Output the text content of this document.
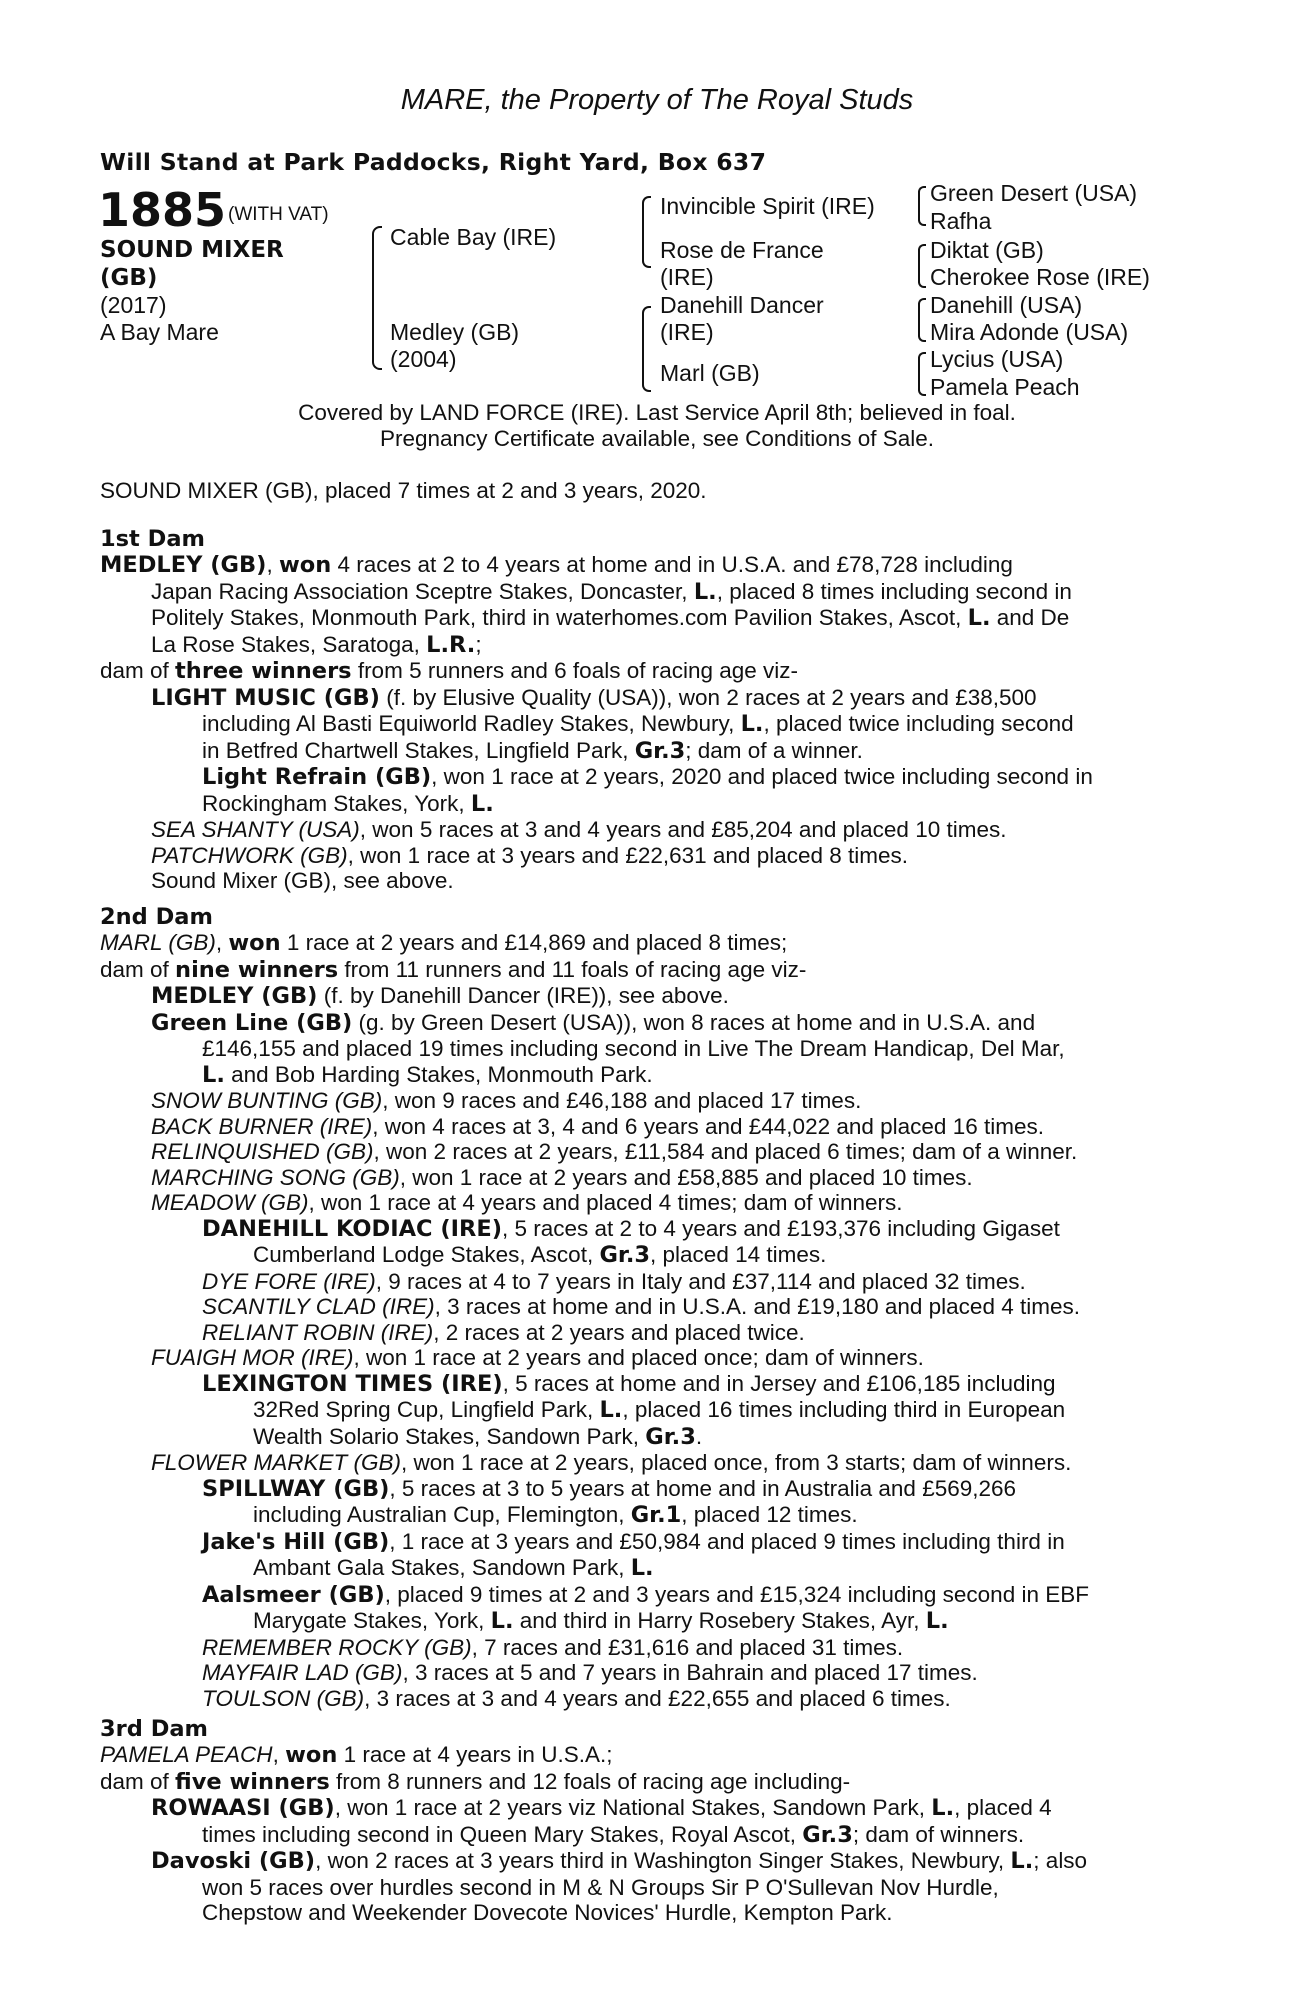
MARE, the Property of The Royal Studs
Will Stand at Park Paddocks, Right Yard, Box 637
1885 (WITH VAT)
SOUND MIXER
(GB)
(2017)
A Bay Mare
Cable Bay (IRE)
Medley (GB)
(2004)
Invincible Spirit (IRE)
Rose de France
(IRE)
Danehill Dancer
(IRE)
Marl (GB)
Green Desert (USA)
Rafha
Diktat (GB)
Cherokee Rose (IRE)
Danehill (USA)
Mira Adonde (USA)
Lycius (USA)
Pamela Peach
Covered by LAND FORCE (IRE). Last Service April 8th; believed in foal.
Pregnancy Certificate available, see Conditions of Sale.
SOUND MIXER (GB), placed 7 times at 2 and 3 years, 2020.
1st Dam
MEDLEY (GB), won 4 races at 2 to 4 years at home and in U.S.A. and £78,728 including
Japan Racing Association Sceptre Stakes, Doncaster, L., placed 8 times including second in
Politely Stakes, Monmouth Park, third in waterhomes.com Pavilion Stakes, Ascot, L. and De
La Rose Stakes, Saratoga, L.R.;
dam of three winners from 5 runners and 6 foals of racing age viz-
LIGHT MUSIC (GB) (f. by Elusive Quality (USA)), won 2 races at 2 years and £38,500
including Al Basti Equiworld Radley Stakes, Newbury, L., placed twice including second
in Betfred Chartwell Stakes, Lingfield Park, Gr.3; dam of a winner.
Light Refrain (GB), won 1 race at 2 years, 2020 and placed twice including second in
Rockingham Stakes, York, L.
SEA SHANTY (USA), won 5 races at 3 and 4 years and £85,204 and placed 10 times.
PATCHWORK (GB), won 1 race at 3 years and £22,631 and placed 8 times.
Sound Mixer (GB), see above.
2nd Dam
MARL (GB), won 1 race at 2 years and £14,869 and placed 8 times;
dam of nine winners from 11 runners and 11 foals of racing age viz-
MEDLEY (GB) (f. by Danehill Dancer (IRE)), see above.
Green Line (GB) (g. by Green Desert (USA)), won 8 races at home and in U.S.A. and
£146,155 and placed 19 times including second in Live The Dream Handicap, Del Mar,
L. and Bob Harding Stakes, Monmouth Park.
SNOW BUNTING (GB), won 9 races and £46,188 and placed 17 times.
BACK BURNER (IRE), won 4 races at 3, 4 and 6 years and £44,022 and placed 16 times.
RELINQUISHED (GB), won 2 races at 2 years, £11,584 and placed 6 times; dam of a winner.
MARCHING SONG (GB), won 1 race at 2 years and £58,885 and placed 10 times.
MEADOW (GB), won 1 race at 4 years and placed 4 times; dam of winners.
DANEHILL KODIAC (IRE), 5 races at 2 to 4 years and £193,376 including Gigaset
Cumberland Lodge Stakes, Ascot, Gr.3, placed 14 times.
DYE FORE (IRE), 9 races at 4 to 7 years in Italy and £37,114 and placed 32 times.
SCANTILY CLAD (IRE), 3 races at home and in U.S.A. and £19,180 and placed 4 times.
RELIANT ROBIN (IRE), 2 races at 2 years and placed twice.
FUAIGH MOR (IRE), won 1 race at 2 years and placed once; dam of winners.
LEXINGTON TIMES (IRE), 5 races at home and in Jersey and £106,185 including
32Red Spring Cup, Lingfield Park, L., placed 16 times including third in European
Wealth Solario Stakes, Sandown Park, Gr.3.
FLOWER MARKET (GB), won 1 race at 2 years, placed once, from 3 starts; dam of winners.
SPILLWAY (GB), 5 races at 3 to 5 years at home and in Australia and £569,266
including Australian Cup, Flemington, Gr.1, placed 12 times.
Jake's Hill (GB), 1 race at 3 years and £50,984 and placed 9 times including third in
Ambant Gala Stakes, Sandown Park, L.
Aalsmeer (GB), placed 9 times at 2 and 3 years and £15,324 including second in EBF
Marygate Stakes, York, L. and third in Harry Rosebery Stakes, Ayr, L.
REMEMBER ROCKY (GB), 7 races and £31,616 and placed 31 times.
MAYFAIR LAD (GB), 3 races at 5 and 7 years in Bahrain and placed 17 times.
TOULSON (GB), 3 races at 3 and 4 years and £22,655 and placed 6 times.
3rd Dam
PAMELA PEACH, won 1 race at 4 years in U.S.A.;
dam of five winners from 8 runners and 12 foals of racing age including-
ROWAASI (GB), won 1 race at 2 years viz National Stakes, Sandown Park, L., placed 4
times including second in Queen Mary Stakes, Royal Ascot, Gr.3; dam of winners.
Davoski (GB), won 2 races at 3 years third in Washington Singer Stakes, Newbury, L.; also
won 5 races over hurdles second in M & N Groups Sir P O'Sullevan Nov Hurdle,
Chepstow and Weekender Dovecote Novices' Hurdle, Kempton Park.
